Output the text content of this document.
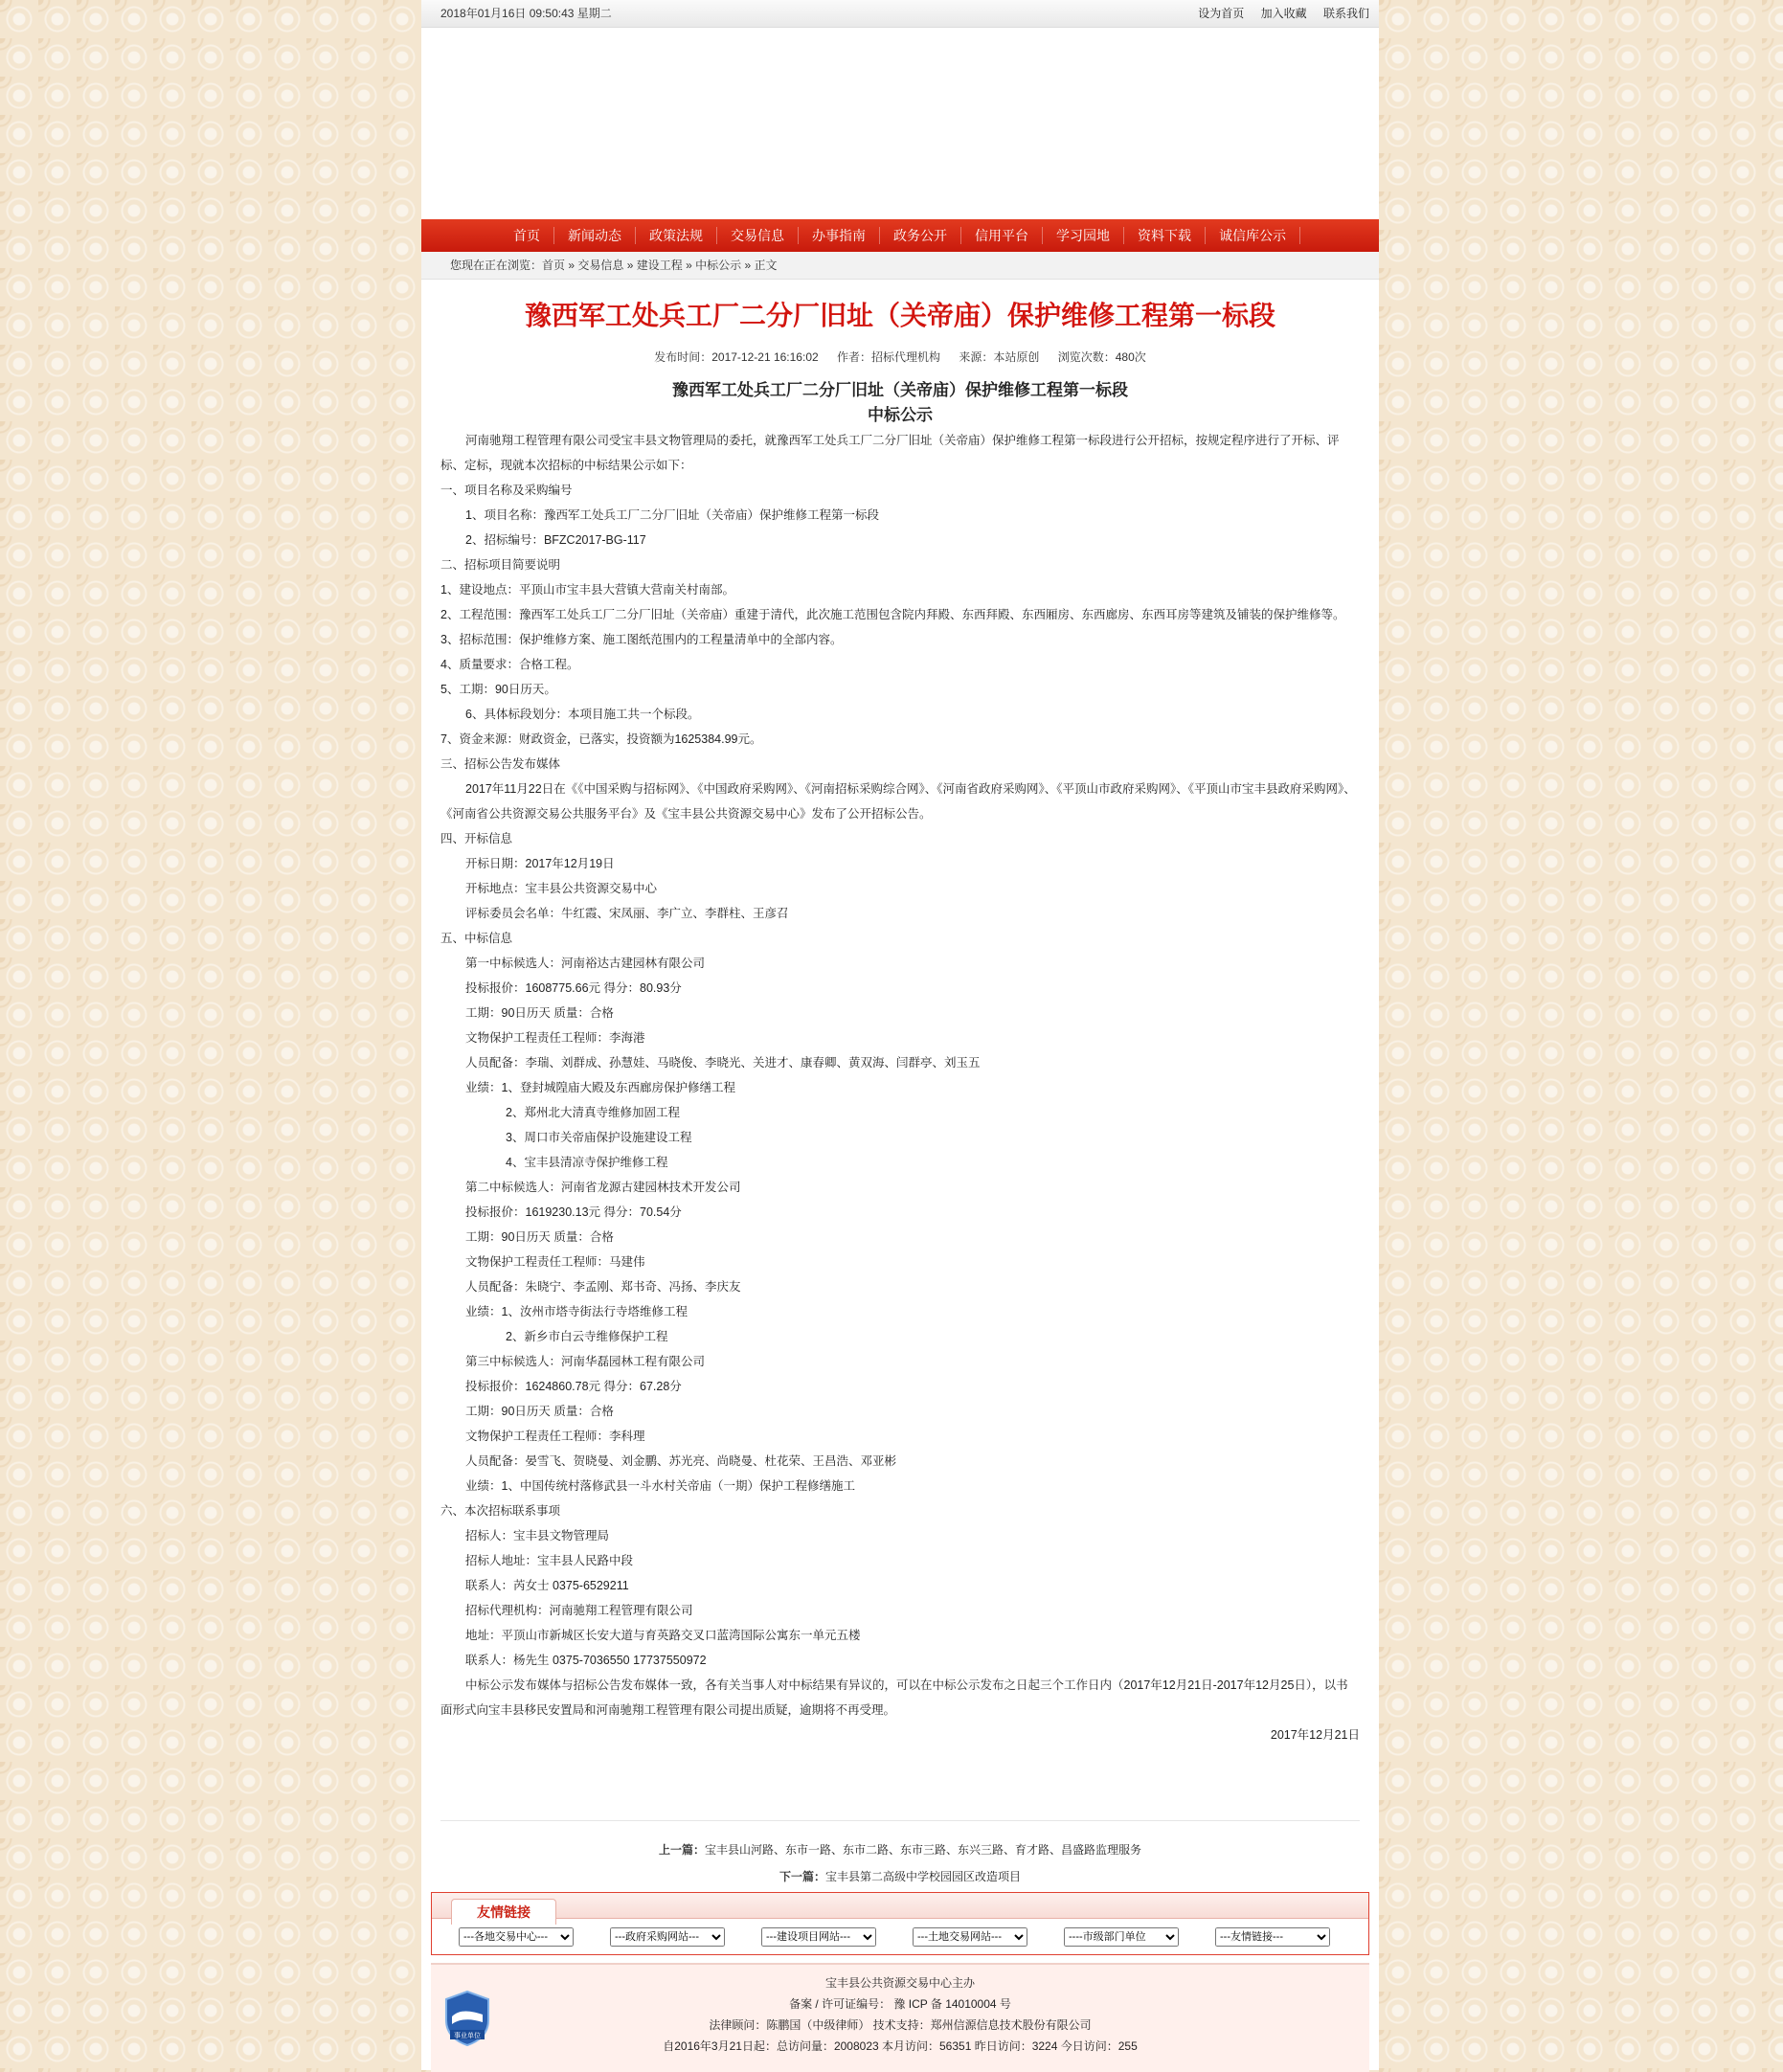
2018年01月16日 09:50:43 星期二	设为首页 加入收藏 联系我们
首页	新闻动态	政策法规	交易信息	办事指南	政务公开	信用平台	学习园地	资料下载	诚信库公示
您现在正在浏览：首页 » 交易信息 » 建设工程 » 中标公示 » 正文
豫西军工处兵工厂二分厂旧址（关帝庙）保护维修工程第一标段
发布时间：2017-12-21 16:16:02 作者：招标代理机构 来源：本站原创 浏览次数：480次
豫西军工处兵工厂二分厂旧址（关帝庙）保护维修工程第一标段
中标公示

河南驰翔工程管理有限公司受宝丰县文物管理局的委托，就豫西军工处兵工厂二分厂旧址（关帝庙）保护维修工程第一标段进行公开招标，按规定程序进行了开标、评标、定标，现就本次招标的中标结果公示如下：

一、项目名称及采购编号

1、项目名称：豫西军工处兵工厂二分厂旧址（关帝庙）保护维修工程第一标段

2、招标编号：BFZC2017-BG-117

二、招标项目简要说明

1、建设地点：平顶山市宝丰县大营镇大营南关村南部。

2、工程范围：豫西军工处兵工厂二分厂旧址（关帝庙）重建于清代，此次施工范围包含院内拜殿、东西拜殿、东西厢房、东西廊房、东西耳房等建筑及铺装的保护维修等。

3、招标范围：保护维修方案、施工图纸范围内的工程量清单中的全部内容。

4、质量要求：合格工程。

5、工期：90日历天。

6、具体标段划分：本项目施工共一个标段。

7、资金来源：财政资金，已落实，投资额为1625384.99元。

三、招标公告发布媒体

2017年11月22日在《《中国采购与招标网》、《中国政府采购网》、《河南招标采购综合网》、《河南省政府采购网》、《平顶山市政府采购网》、《平顶山市宝丰县政府采购网》、《河南省公共资源交易公共服务平台》及《宝丰县公共资源交易中心》发布了公开招标公告。

四、开标信息

开标日期：2017年12月19日

开标地点：宝丰县公共资源交易中心

评标委员会名单：牛红霞、宋凤丽、李广立、李群柱、王彦召

五、中标信息

第一中标候选人：河南裕达古建园林有限公司

投标报价：1608775.66元 得分：80.93分

工期：90日历天 质量：合格

文物保护工程责任工程师：李海港

人员配备：李瑞、刘群成、孙慧娃、马晓俊、李晓光、关进才、康春卿、黄双海、闫群亭、刘玉五

业绩：1、登封城隍庙大殿及东西廊房保护修缮工程

2、郑州北大清真寺维修加固工程

3、周口市关帝庙保护设施建设工程

4、宝丰县清凉寺保护维修工程

第二中标候选人：河南省龙源古建园林技术开发公司

投标报价：1619230.13元 得分：70.54分

工期：90日历天 质量：合格

文物保护工程责任工程师：马建伟

人员配备：朱晓宁、李孟刚、郑书奇、冯扬、李庆友

业绩：1、汝州市塔寺街法行寺塔维修工程

2、新乡市白云寺维修保护工程

第三中标候选人：河南华磊园林工程有限公司

投标报价：1624860.78元 得分：67.28分

工期：90日历天 质量：合格

文物保护工程责任工程师：李科理

人员配备：晏雪飞、贺晓曼、刘金鹏、苏光亮、尚晓曼、杜花荣、王昌浩、邓亚彬

业绩：1、中国传统村落修武县一斗水村关帝庙（一期）保护工程修缮施工

六、本次招标联系事项

招标人：宝丰县文物管理局

招标人地址：宝丰县人民路中段

联系人：芮女士 0375-6529211

招标代理机构：河南驰翔工程管理有限公司

地址：平顶山市新城区长安大道与育英路交叉口蓝湾国际公寓东一单元五楼

联系人：杨先生 0375-7036550 17737550972

中标公示发布媒体与招标公告发布媒体一致，各有关当事人对中标结果有异议的，可以在中标公示发布之日起三个工作日内（2017年12月21日-2017年12月25日），以书面形式向宝丰县移民安置局和河南驰翔工程管理有限公司提出质疑，逾期将不再受理。

2017年12月21日

上一篇：宝丰县山河路、东市一路、东市二路、东市三路、东兴三路、育才路、昌盛路监理服务
下一篇：宝丰县第二高级中学校园园区改造项目
友情链接
---各地交易中心---
---政府采购网站---
---建设项目网站---
---土地交易网站---
----市级部门单位
---友情链接---
事业单位
宝丰县公共资源交易中心主办
备案 / 许可证编号： 豫 ICP 备 14010004 号
法律顾问：陈鹏国（中级律师） 技术支持：郑州信源信息技术股份有限公司
自2016年3月21日起：总访问量：2008023 本月访问：56351 昨日访问：3224 今日访问：255
